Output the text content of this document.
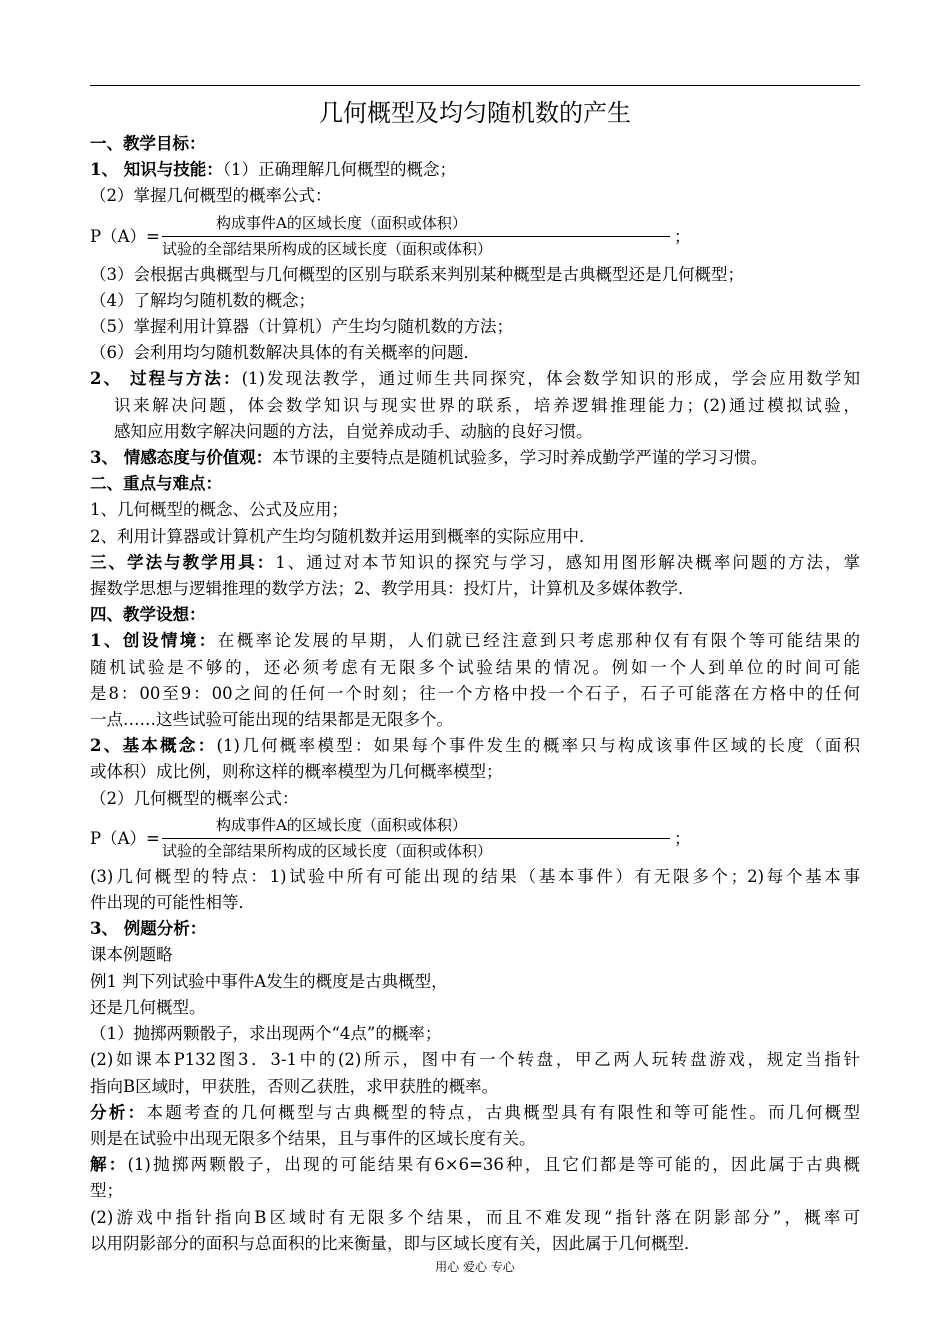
几何概型及均匀随机数的产生

一、教学目标：

1、 知识与技能：（1）正确理解几何概型的概念；

（2）掌握几何概型的概率公式：

P（A）=
构成事件A的区域长度（面积或体积）
试验的全部结果所构成的区域长度（面积或体积）
；

（3）会根据古典概型与几何概型的区别与联系来判别某种概型是古典概型还是几何概型；

（4）了解均匀随机数的概念；

（5）掌握利用计算器（计算机）产生均匀随机数的方法；

（6）会利用均匀随机数解决具体的有关概率的问题．

2、 过程与方法：(1)发现法教学，通过师生共同探究，体会数学知识的形成，学会应用数学知

识来解决问题，体会数学知识与现实世界的联系，培养逻辑推理能力；(2)通过模拟试验，

感知应用数字解决问题的方法，自觉养成动手、动脑的良好习惯。

3、 情感态度与价值观：本节课的主要特点是随机试验多，学习时养成勤学严谨的学习习惯。

二、重点与难点：

1、几何概型的概念、公式及应用；

2、利用计算器或计算机产生均匀随机数并运用到概率的实际应用中．

三、学法与教学用具：1、通过对本节知识的探究与学习，感知用图形解决概率问题的方法，掌

握数学思想与逻辑推理的数学方法；2、教学用具：投灯片，计算机及多媒体教学．

四、教学设想：

1、创设情境：在概率论发展的早期，人们就已经注意到只考虑那种仅有有限个等可能结果的

随机试验是不够的，还必须考虑有无限多个试验结果的情况。例如一个人到单位的时间可能

是8：00至9：00之间的任何一个时刻；往一个方格中投一个石子，石子可能落在方格中的任何

一点……这些试验可能出现的结果都是无限多个。

2、基本概念：(1)几何概率模型：如果每个事件发生的概率只与构成该事件区域的长度（面积

或体积）成比例，则称这样的概率模型为几何概率模型；

（2）几何概型的概率公式：

P（A）=
构成事件A的区域长度（面积或体积）
试验的全部结果所构成的区域长度（面积或体积）
；

(3)几何概型的特点：1)试验中所有可能出现的结果（基本事件）有无限多个；2)每个基本事

件出现的可能性相等．

3、 例题分析：

课本例题略

例1 判下列试验中事件A发生的概度是古典概型，

还是几何概型。

（1）抛掷两颗骰子，求出现两个“4点”的概率；

(2)如课本P132图3．3-1中的(2)所示，图中有一个转盘，甲乙两人玩转盘游戏，规定当指针

指向B区域时，甲获胜，否则乙获胜，求甲获胜的概率。

分析：本题考查的几何概型与古典概型的特点，古典概型具有有限性和等可能性。而几何概型

则是在试验中出现无限多个结果，且与事件的区域长度有关。

解：(1)抛掷两颗骰子，出现的可能结果有6×6=36种，且它们都是等可能的，因此属于古典概

型；

(2)游戏中指针指向B区域时有无限多个结果，而且不难发现“指针落在阴影部分”，概率可

以用阴影部分的面积与总面积的比来衡量，即与区域长度有关，因此属于几何概型．

用心 爱心 专心
